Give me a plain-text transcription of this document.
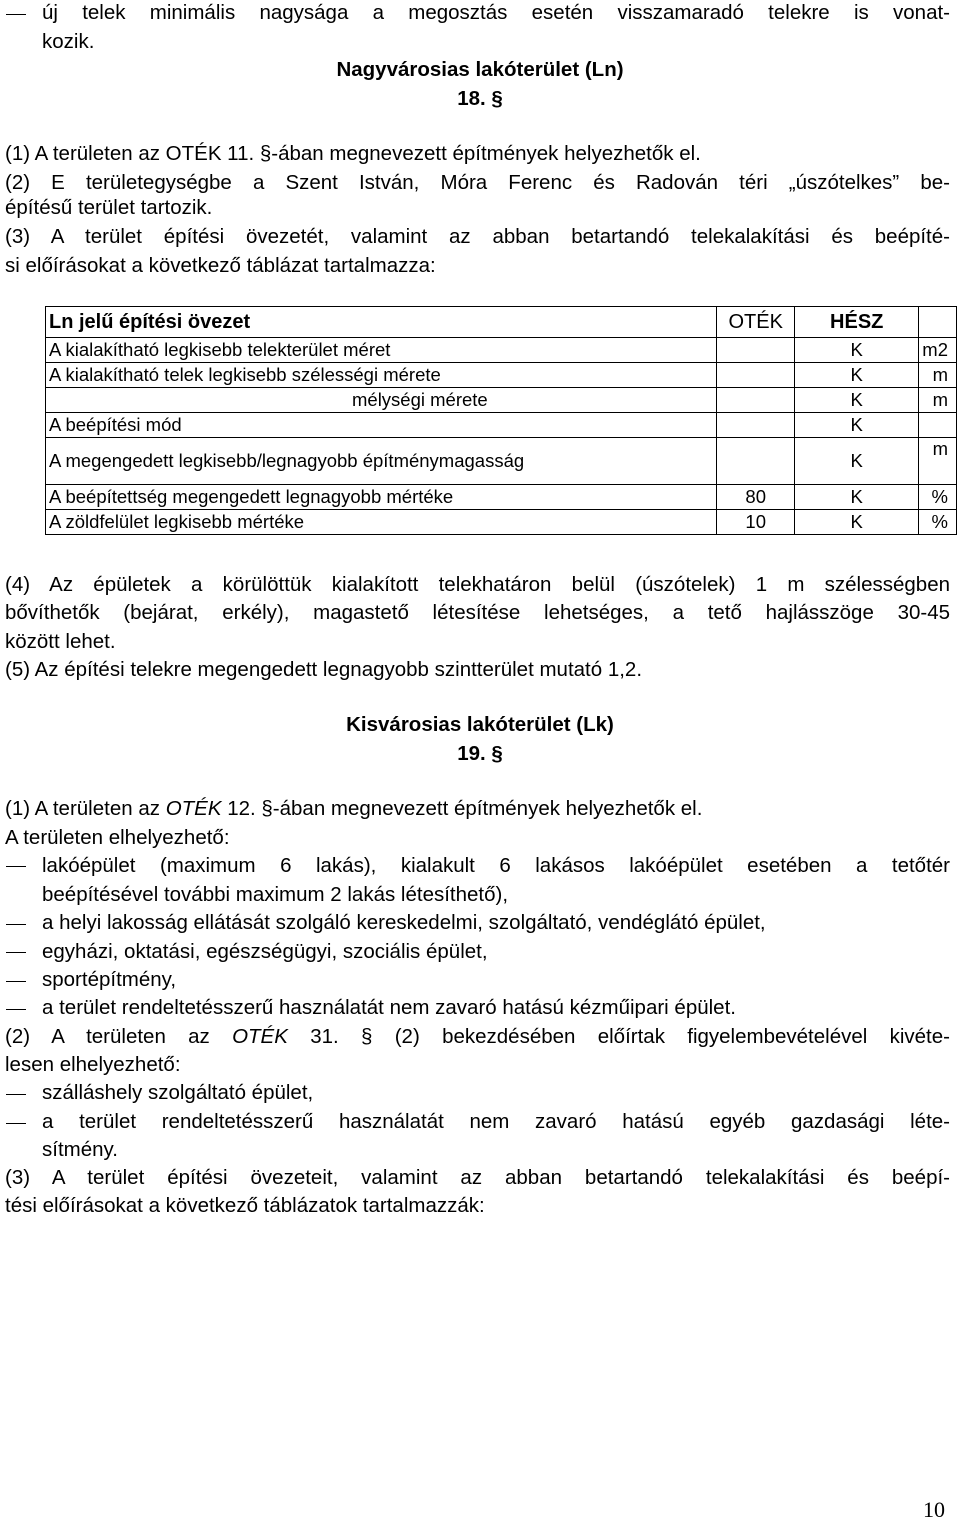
új telek minimális nagysága a megosztás esetén visszamaradó telekre is vonat-
kozik.
Nagyvárosias lakóterület (Ln)
18. §
(1) A területen az OTÉK 11. §-ában megnevezett építmények helyezhetők el.
(2) E területegységbe a Szent István, Móra Ferenc és Radován téri „úszótelkes” be-
építésű terület tartozik.
(3) A terület építési övezetét, valamint az abban betartandó telekalakítási és beépíté-
si előírásokat a következő táblázat tartalmazza:
Ln jelű építési övezet	OTÉK	HÉSZ	
A kialakítható legkisebb telekterület méret		K	m2
A kialakítható telek legkisebb szélességi mérete		K	m
mélységi mérete		K	m
A beépítési mód		K	
A megengedett legkisebb/legnagyobb építménymagasság		K	m
A beépítettség megengedett legnagyobb mértéke	80	K	%
A zöldfelület legkisebb mértéke	10	K	%
(4) Az épületek a körülöttük kialakított telekhatáron belül (úszótelek) 1 m szélességben
bővíthetők (bejárat, erkély), magastető létesítése lehetséges, a tető hajlásszöge 30-45
között lehet.
(5) Az építési telekre megengedett legnagyobb szintterület mutató 1,2.
Kisvárosias lakóterület (Lk)
19. §
(1) A területen az OTÉK 12. §-ában megnevezett építmények helyezhetők el.
A területen elhelyezhető:
lakóépület (maximum 6 lakás), kialakult 6 lakásos lakóépület esetében a tetőtér
beépítésével további maximum 2 lakás létesíthető),
a helyi lakosság ellátását szolgáló kereskedelmi, szolgáltató, vendéglátó épület,
egyházi, oktatási, egészségügyi, szociális épület,
sportépítmény,
a terület rendeltetésszerű használatát nem zavaró hatású kézműipari épület.
(2) A területen az OTÉK 31. § (2) bekezdésében előírtak figyelembevételével kivéte-
lesen elhelyezhető:
szálláshely szolgáltató épület,
a terület rendeltetésszerű használatát nem zavaró hatású egyéb gazdasági léte-
sítmény.
(3) A terület építési övezeteit, valamint az abban betartandó telekalakítási és beépí-
tési előírásokat a következő táblázatok tartalmazzák:
10
